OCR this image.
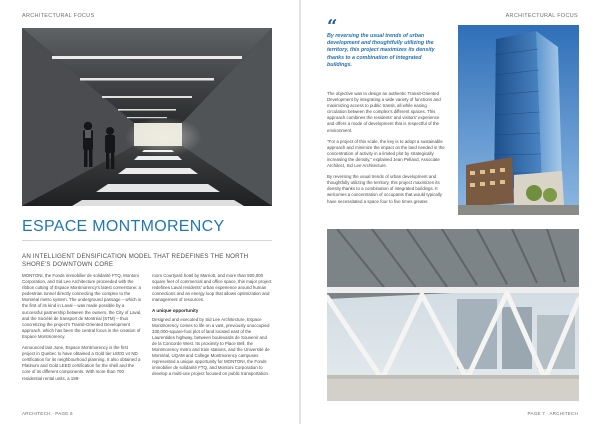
ARCHITECTURAL FOCUS
ESPACE MONTMORENCY
AN INTELLIGENT DENSIFICATION MODEL THAT REDEFINES THE NORTH SHORE'S DOWNTOWN CORE

MONTONI, the Fonds immobilier de solidarité FTQ, Montoni Corporation, and Sid Lee Architecture proceeded with the ribbon cutting of Espace Montmorency's latest cornerstone: a pedestrian tunnel directly connecting the complex to the Montréal metro system. The underground passage – which is the first of its kind in Laval – was made possible by a successful partnership between the owners, the City of Laval, and the Société de transport de Montréal (STM) – thus concretizing the project's Transit-Oriented Development approach, which has been the central focus in the creation of Espace Montmorency.

Announced last June, Espace Montmorency is the first project in Quebec to have obtained a Gold tier LEED v4 ND certification for its neighbourhood planning. It also obtained a Platinum and Gold LEED certification for the shell and the core of its different components. With more than 700 residential rental units, a 188-

room Courtyard hotel by Marriott, and more than 500,000 square feet of commercial and office space, this major project redefines Laval residents' urban experience around human connections and an energy loop that allows optimization and management of resources.

A unique opportunity

Designed and executed by Sid Lee Architecture, Espace Montmorency comes to life on a vast, previously unoccupied 330,000-square-foot plot of land located east of the Laurentides highway, between boulevards de Souvenir and de la Concorde West. Its proximity to Place Bell, the Montmorency metro and train stations, and the Université de Montréal, UQAM and College Montmorency campuses represented a unique opportunity for MONTONI, the Fonds immobilier de solidarité FTQ, and Montoni Corporation to develop a multi-use project focused on public transportation.

ARCHITECH · PAGE 6
ARCHITECTURAL FOCUS
“
By reversing the usual trends of urban development and thoughtfully utilizing the territory, this project maximizes its density thanks to a combination of integrated buildings.

The objective was to design an authentic Transit-Oriented Development by integrating a wide variety of functions and maximizing access to public transit, all while easing circulation between the complex's different spaces. This approach combines the residents' and visitors' experience and offers a mode of development that is respectful of the environment.

"For a project of this scale, the key is to adopt a sustainable approach and minimize the impact on the land needed in the concentration of activity in a limited plot by strategically increasing the density," explained Jean Pelland, Associate Architect, Sid Lee Architecture.

By reversing the usual trends of urban development and thoughtfully utilizing the territory, this project maximizes its density thanks to a combination of integrated buildings. It welcomes a concentration of occupants that would typically have necessitated a space four to five times greater.

PAGE 7 · ARCHITECH
